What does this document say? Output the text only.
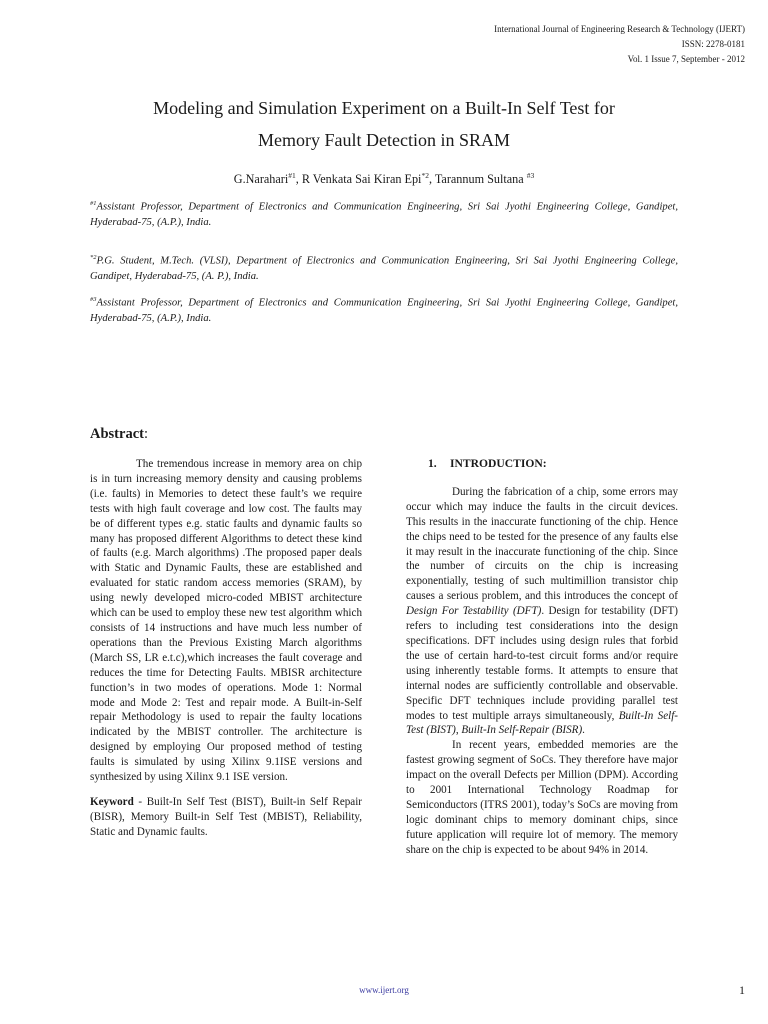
International Journal of Engineering Research & Technology (IJERT)
ISSN: 2278-0181
Vol. 1 Issue 7, September - 2012
Modeling and Simulation Experiment on a Built-In Self Test for
Memory Fault Detection in SRAM
G.Narahari$^{\#1}$, R Venkata Sai Kiran Epi$^{*2}$, Tarannum Sultana $^{\#3}$
$^{\#1}$Assistant Professor, Department of Electronics and Communication Engineering, Sri Sai Jyothi Engineering College, Gandipet, Hyderabad-75, (A.P.), India.
$^{*2}$P.G. Student, M.Tech. (VLSI), Department of Electronics and Communication Engineering, Sri Sai Jyothi Engineering College, Gandipet, Hyderabad-75, (A. P.), India.
$^{\#3}$Assistant Professor, Department of Electronics and Communication Engineering, Sri Sai Jyothi Engineering College, Gandipet, Hyderabad-75, (A.P.), India.
Abstract:

The tremendous increase in memory area on chip is in turn increasing memory density and causing problems (i.e. faults) in Memories to detect these fault’s we require tests with high fault coverage and low cost. The faults may be of different types e.g. static faults and dynamic faults so many has proposed different Algorithms to detect these kind of faults (e.g. March algorithms) .The proposed paper deals with Static and Dynamic Faults, these are established and evaluated for static random access memories (SRAM), by using newly developed micro-coded MBIST architecture which can be used to employ these new test algorithm which consists of 14 instructions and have much less number of operations than the Previous Existing March algorithms (March SS, LR e.t.c),which increases the fault coverage and reduces the time for Detecting Faults. MBISR architecture function’s in two modes of operations. Mode 1: Normal mode and Mode 2: Test and repair mode. A Built-in-Self repair Methodology is used to repair the faulty locations indicated by the MBIST controller. The architecture is designed by employing Our proposed method of testing faults is simulated by using Xilinx 9.1ISE versions and synthesized by using Xilinx 9.1 ISE version.

Keyword - Built-In Self Test (BIST), Built-in Self Repair (BISR), Memory Built-in Self Test (MBIST), Reliability, Static and Dynamic faults.

1. INTRODUCTION:

During the fabrication of a chip, some errors may occur which may induce the faults in the circuit devices. This results in the inaccurate functioning of the chip. Hence the chips need to be tested for the presence of any faults else it may result in the inaccurate functioning of the chip. Since the number of circuits on the chip is increasing exponentially, testing of such multimillion transistor chip causes a serious problem, and this introduces the concept of Design For Testability (DFT). Design for testability (DFT) refers to including test considerations into the design specifications. DFT includes using design rules that forbid the use of certain hard-to-test circuit forms and/or require using inherently testable forms. It attempts to ensure that internal nodes are sufficiently controllable and observable. Specific DFT techniques include providing parallel test modes to test multiple arrays simultaneously, Built-In Self-Test (BIST), Built-In Self-Repair (BISR).

In recent years, embedded memories are the fastest growing segment of SoCs. They therefore have major impact on the overall Defects per Million (DPM). According to 2001 International Technology Roadmap for Semiconductors (ITRS 2001), today’s SoCs are moving from logic dominant chips to memory dominant chips, since future application will require lot of memory. The memory share on the chip is expected to be about 94% in 2014.

www.ijert.org	1
